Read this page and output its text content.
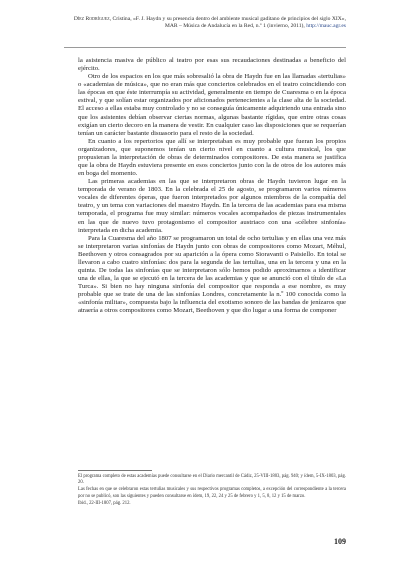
Díez Rodríguez, Cristina, «F. J. Haydn y su presencia dentro del ambiente musical gaditano de principios del siglo XIX», MAR – Música de Andalucía en la Red, n.º 1 (invierno, 2011), http://mauc.agr.es

la asistencia masiva de público al teatro por esas sus recaudaciones destinadas a beneficio del ejército.

Otro de los espacios en los que más sobresalió la obra de Haydn fue en las llamadas «tertulias» o «academias de música», que no eran más que conciertos celebrados en el teatro coincidiendo con las épocas en que éste interrumpía su actividad, generalmente en tiempo de Cuaresma o en la época estival, y que solían estar organizados por aficionados pertenecientes a la clase alta de la sociedad. El acceso a ellas estaba muy controlado y no se conseguía únicamente adquiriendo una entrada sino que los asistentes debían observar ciertas normas, algunas bastante rígidas, que entre otras cosas exigían un cierto decoro en la manera de vestir. En cualquier caso las disposiciones que se requerían tenían un carácter bastante disuasorio para el resto de la sociedad.

En cuanto a los repertorios que allí se interpretaban es muy probable que fueran los propios organizadores, que suponemos tenían un cierto nivel en cuanto a cultura musical, los que propusieran la interpretación de obras de determinados compositores. De esta manera se justifica que la obra de Haydn estuviera presente en esos conciertos junto con la de otros de los autores más en boga del momento.

Las primeras academias en las que se interpretaron obras de Haydn tuvieron lugar en la temporada de verano de 1803. En la celebrada el 25 de agosto, se programaron varios números vocales de diferentes óperas, que fueron interpretados por algunos miembros de la compañía del teatro, y un tema con variaciones del maestro Haydn. En la tercera de las academias para esa misma temporada, el programa fue muy similar: números vocales acompañados de piezas instrumentales en las que de nuevo tuvo protagonismo el compositor austriaco con una «célebre sinfonía» interpretada en dicha academia.

Para la Cuaresma del año 1807 se programaron un total de ocho tertulias y en ellas una vez más se interpretaron varias sinfonías de Haydn junto con obras de compositores como Mozart, Méhul, Beethoven y otros consagrados por su aparición a la ópera como Sioravanti o Paisiello. En total se llevaron a cabo cuatro sinfonías: dos para la segunda de las tertulias, una en la tercera y una en la quinta. De todas las sinfonías que se interpretaron sólo hemos podido aproximarnos a identificar una de ellas, la que se ejecutó en la tercera de las academias y que se anunció con el título de «La Turca». Si bien no hay ninguna sinfonía del compositor que responda a ese nombre, es muy probable que se trate de una de las sinfonías Londres, concretamente la n.º 100 conocida como la «sinfonía militar», compuesta bajo la influencia del exotismo sonoro de las bandas de jenízaros que atraería a otros compositores como Mozart, Beethoven y que dio lugar a una forma de componer

El programa completo de estas academias puede consultarse en el Diario mercantil de Cádiz, 25-VIII-1803, pág. 940; y ídem, 5-IX-1803, pág. 20.

Las fechas en que se celebraron estas tertulias musicales y sus respectivos programas completos, a excepción del correspondiente a la tercera por no se publicó, son las siguientes y pueden consultarse en ídem, 19, 22, 24 y 25 de febrero y 1, 5, 8, 12 y 15 de marzo.

Ibid., 22-III-1807, pág. 212.

109
